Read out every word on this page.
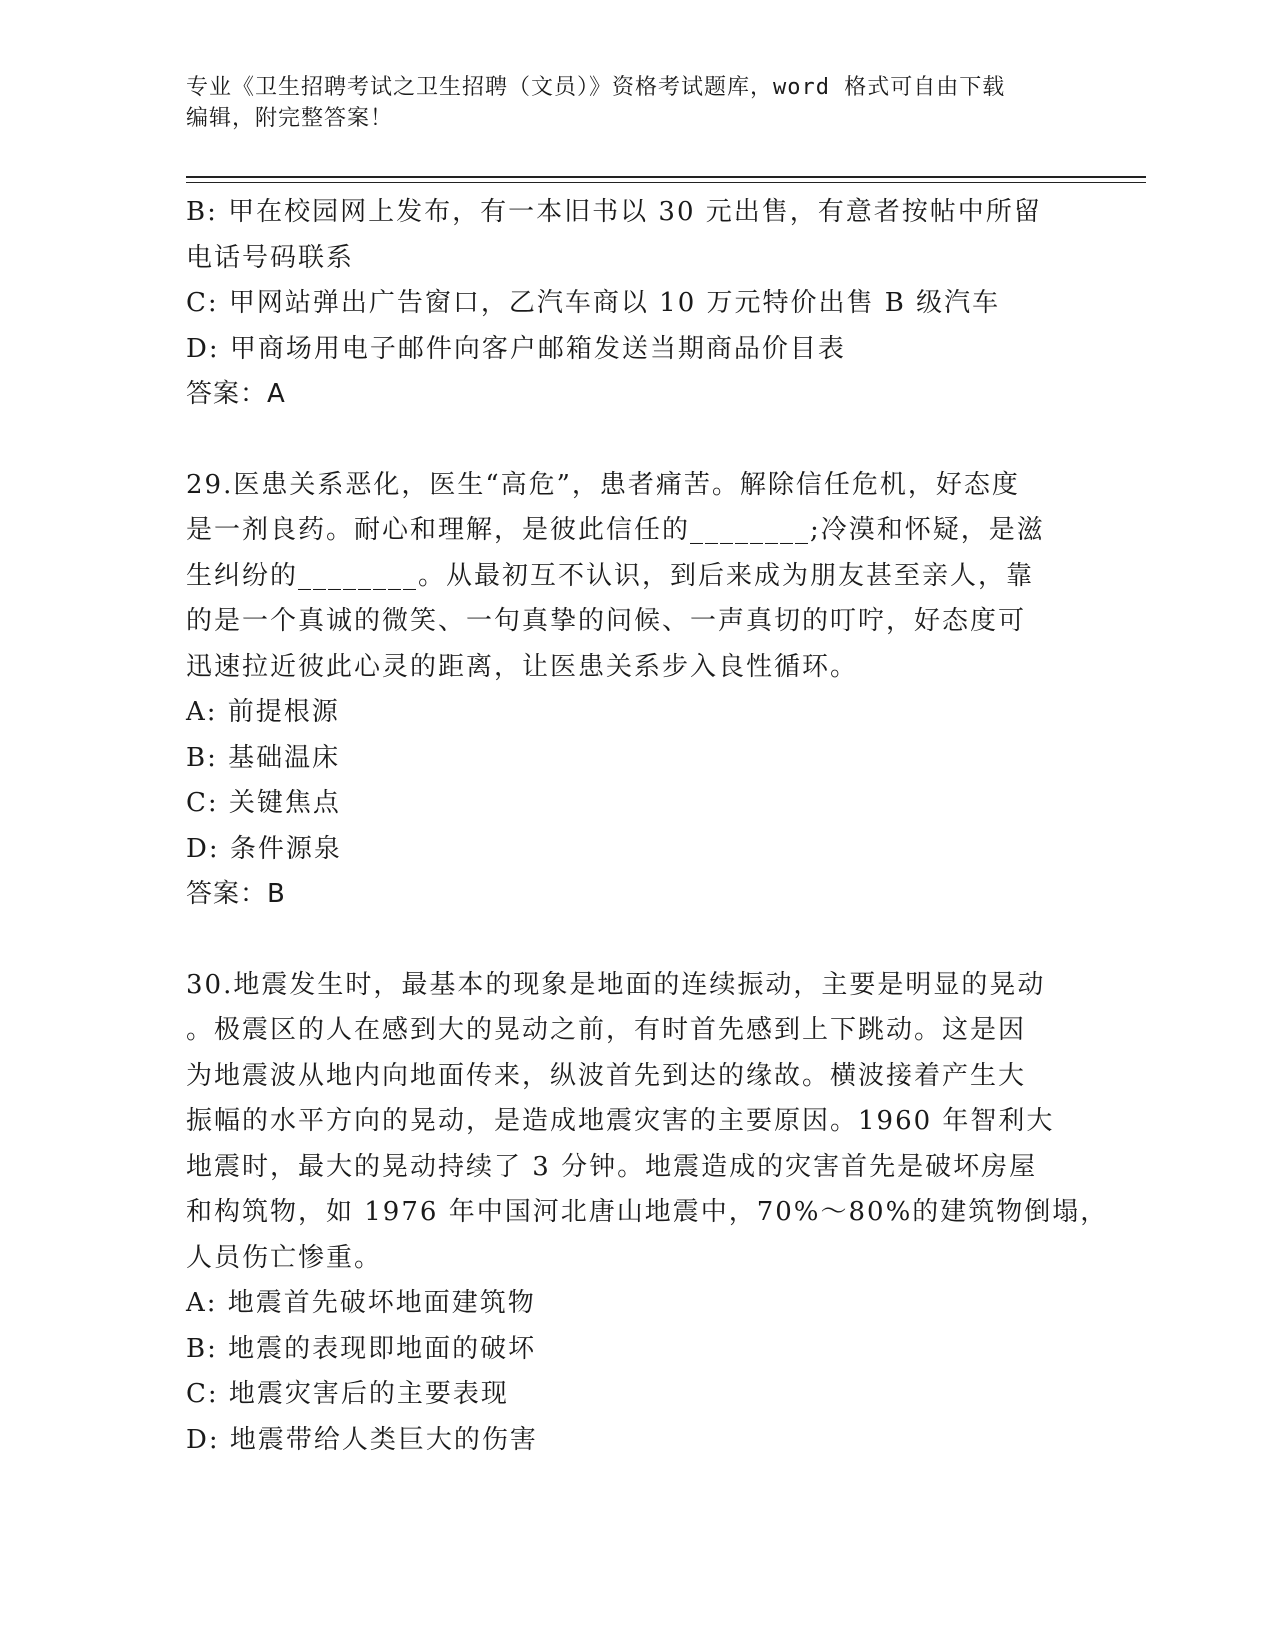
专业《卫生招聘考试之卫生招聘（文员）》资格考试题库，word 格式可自由下载
编辑，附完整答案！

B: 甲在校园网上发布，有一本旧书以 30 元出售，有意者按帖中所留

电话号码联系

C: 甲网站弹出广告窗口，乙汽车商以 10 万元特价出售 B 级汽车

D: 甲商场用电子邮件向客户邮箱发送当期商品价目表

答案：A

29.医患关系恶化，医生“高危”，患者痛苦。解除信任危机，好态度

是一剂良药。耐心和理解，是彼此信任的________;冷漠和怀疑，是滋

生纠纷的________。从最初互不认识，到后来成为朋友甚至亲人，靠

的是一个真诚的微笑、一句真挚的问候、一声真切的叮咛，好态度可

迅速拉近彼此心灵的距离，让医患关系步入良性循环。

A: 前提根源

B: 基础温床

C: 关键焦点

D: 条件源泉

答案：B

30.地震发生时，最基本的现象是地面的连续振动，主要是明显的晃动

。极震区的人在感到大的晃动之前，有时首先感到上下跳动。这是因

为地震波从地内向地面传来，纵波首先到达的缘故。横波接着产生大

振幅的水平方向的晃动，是造成地震灾害的主要原因。1960 年智利大

地震时，最大的晃动持续了 3 分钟。地震造成的灾害首先是破坏房屋

和构筑物，如 1976 年中国河北唐山地震中，70%～80%的建筑物倒塌，

人员伤亡惨重。

A: 地震首先破坏地面建筑物

B: 地震的表现即地面的破坏

C: 地震灾害后的主要表现

D: 地震带给人类巨大的伤害
